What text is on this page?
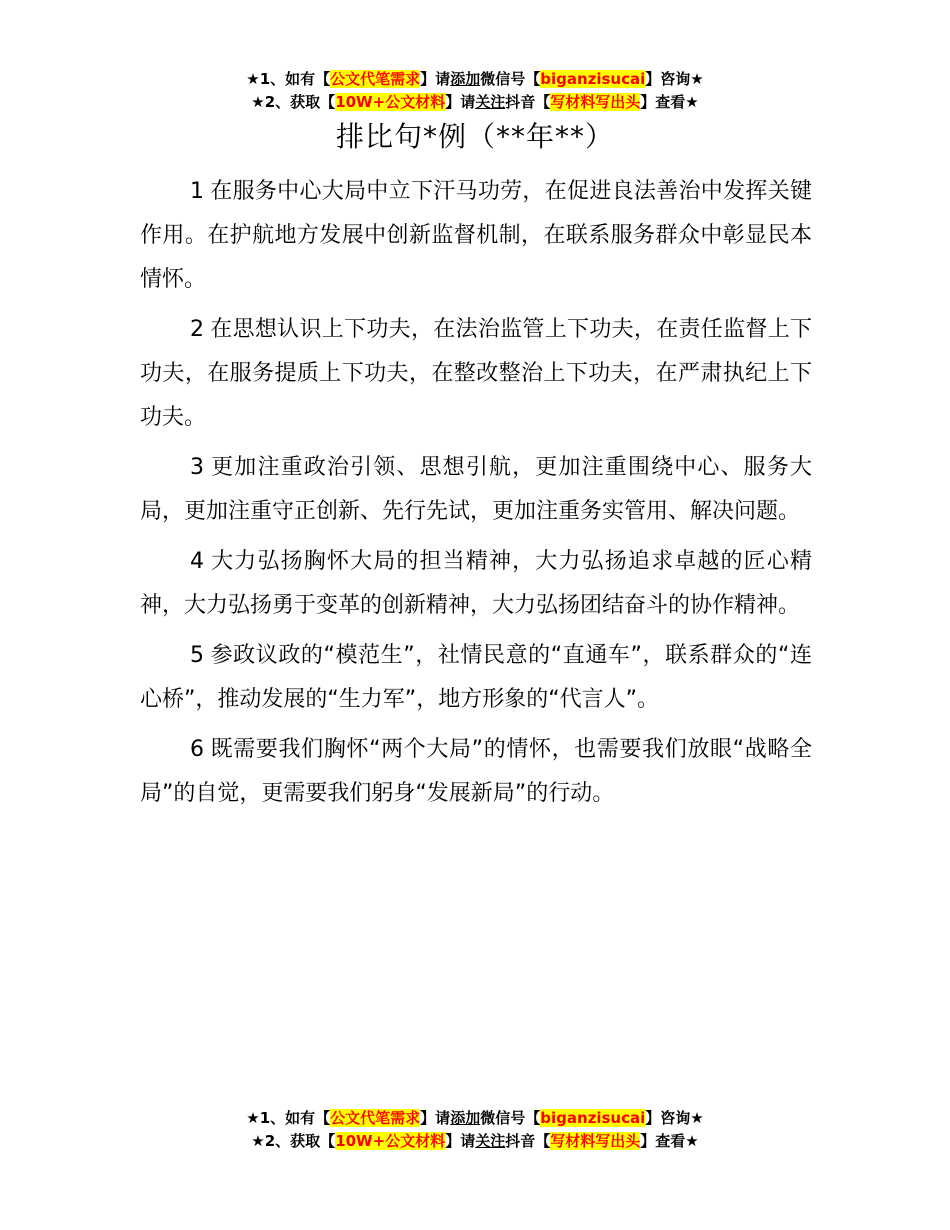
★1、如有【公文代笔需求】请添加微信号【biganzisucai】咨询★
★2、获取【10W+公文材料】请关注抖音【写材料写出头】查看★
排比句*例（**年**）

1 在服务中心大局中立下汗马功劳，在促进良法善治中发挥关键作用。在护航地方发展中创新监督机制，在联系服务群众中彰显民本情怀。

2 在思想认识上下功夫，在法治监管上下功夫，在责任监督上下功夫，在服务提质上下功夫，在整改整治上下功夫，在严肃执纪上下功夫。

3 更加注重政治引领、思想引航，更加注重围绕中心、服务大局，更加注重守正创新、先行先试，更加注重务实管用、解决问题。

4 大力弘扬胸怀大局的担当精神，大力弘扬追求卓越的匠心精神，大力弘扬勇于变革的创新精神，大力弘扬团结奋斗的协作精神。

5 参政议政的“模范生”，社情民意的“直通车”，联系群众的“连心桥”，推动发展的“生力军”，地方形象的“代言人”。

6 既需要我们胸怀“两个大局”的情怀，也需要我们放眼“战略全局”的自觉，更需要我们躬身“发展新局”的行动。

★1、如有【公文代笔需求】请添加微信号【biganzisucai】咨询★
★2、获取【10W+公文材料】请关注抖音【写材料写出头】查看★
